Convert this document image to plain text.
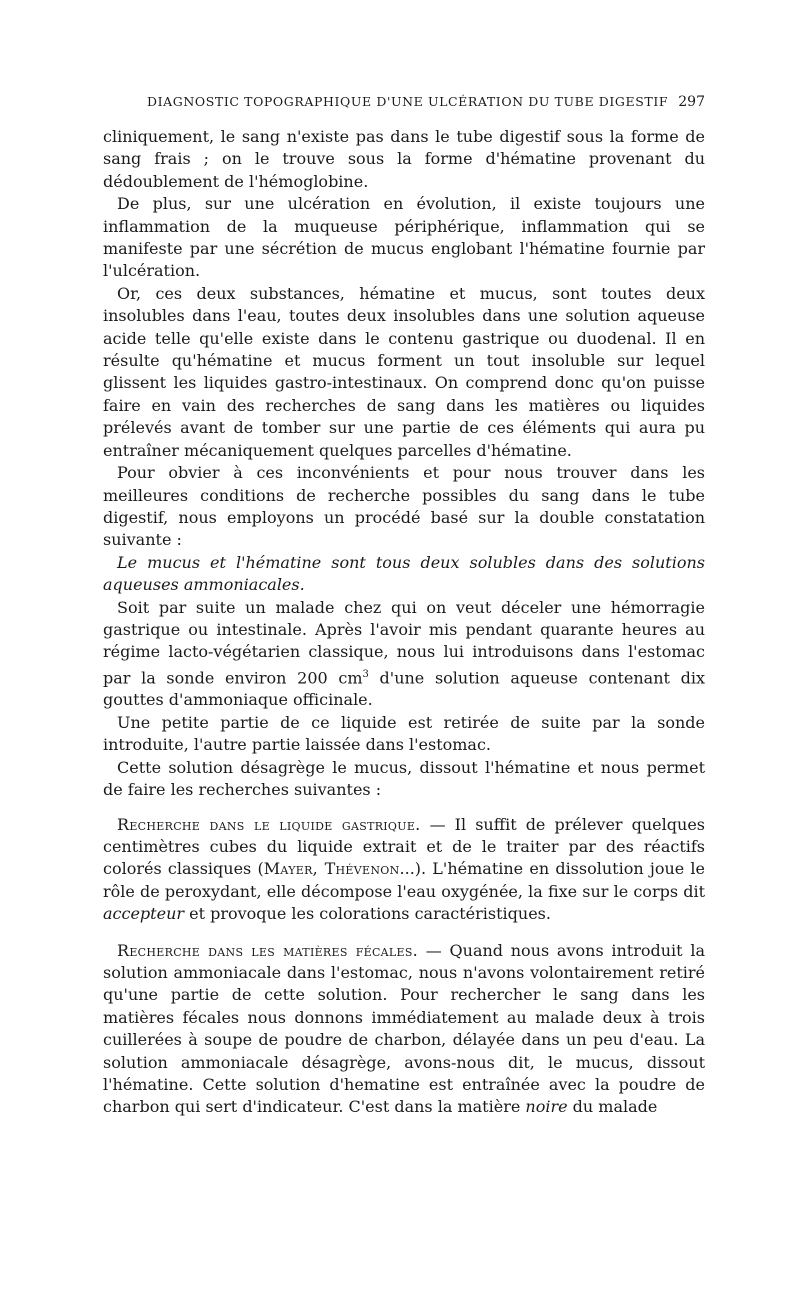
DIAGNOSTIC TOPOGRAPHIQUE D'UNE ULCÉRATION DU TUBE DIGESTIF 297

cliniquement, le sang n'existe pas dans le tube digestif sous la forme de sang frais ; on le trouve sous la forme d'hématine provenant du dédoublement de l'hémoglobine.

De plus, sur une ulcération en évolution, il existe toujours une inflammation de la muqueuse périphérique, inflammation qui se manifeste par une sécrétion de mucus englobant l'hématine fournie par l'ulcération.

Or, ces deux substances, hématine et mucus, sont toutes deux insolubles dans l'eau, toutes deux insolubles dans une solution aqueuse acide telle qu'elle existe dans le contenu gastrique ou duodenal. Il en résulte qu'hématine et mucus forment un tout insoluble sur lequel glissent les liquides gastro-intestinaux. On comprend donc qu'on puisse faire en vain des recherches de sang dans les matières ou liquides prélevés avant de tomber sur une partie de ces éléments qui aura pu entraîner mécaniquement quelques parcelles d'hématine.

Pour obvier à ces inconvénients et pour nous trouver dans les meilleures conditions de recherche possibles du sang dans le tube digestif, nous employons un procédé basé sur la double constatation suivante :

Le mucus et l'hématine sont tous deux solubles dans des solutions aqueuses ammoniacales.

Soit par suite un malade chez qui on veut déceler une hémorragie gastrique ou intestinale. Après l'avoir mis pendant quarante heures au régime lacto-végétarien classique, nous lui introduisons dans l'estomac par la sonde environ 200 $cm^3$ d'une solution aqueuse contenant dix gouttes d'ammoniaque officinale.

Une petite partie de ce liquide est retirée de suite par la sonde introduite, l'autre partie laissée dans l'estomac.

Cette solution désagrège le mucus, dissout l'hématine et nous permet de faire les recherches suivantes :

Recherche dans le liquide gastrique. — Il suffit de prélever quelques centimètres cubes du liquide extrait et de le traiter par des réactifs colorés classiques (Mayer, Thévenon...). L'hématine en dissolution joue le rôle de peroxydant, elle décompose l'eau oxygénée, la fixe sur le corps dit accepteur et provoque les colorations caractéristiques.

Recherche dans les matières fécales. — Quand nous avons introduit la solution ammoniacale dans l'estomac, nous n'avons volontairement retiré qu'une partie de cette solution. Pour rechercher le sang dans les matières fécales nous donnons immédiatement au malade deux à trois cuillerées à soupe de poudre de charbon, délayée dans un peu d'eau. La solution ammoniacale désagrège, avons-nous dit, le mucus, dissout l'hématine. Cette solution d'hematine est entraînée avec la poudre de charbon qui sert d'indicateur. C'est dans la matière noire du malade
